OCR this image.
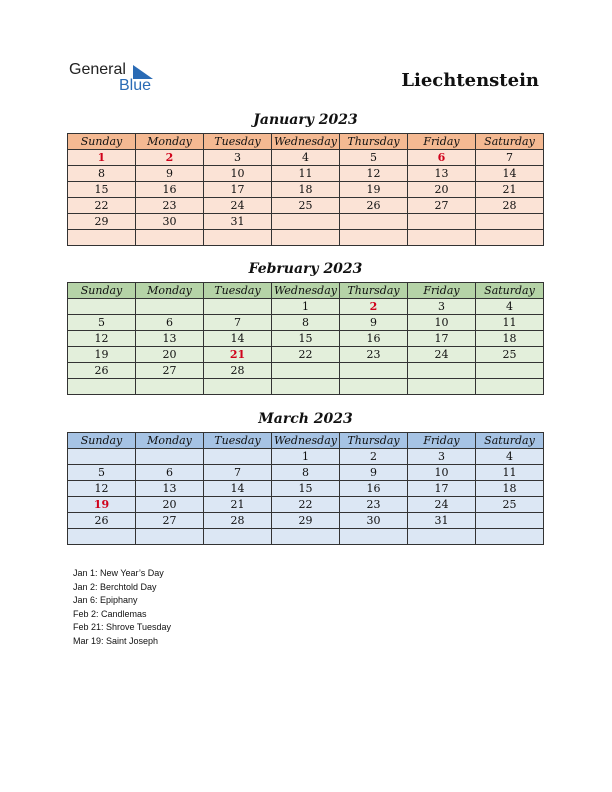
General
Blue	Liechtenstein
January 2023
Sunday	Monday	Tuesday	Wednesday	Thursday	Friday	Saturday
1	2	3	4	5	6	7
8	9	10	11	12	13	14
15	16	17	18	19	20	21
22	23	24	25	26	27	28
29	30	31				

February 2023
Sunday	Monday	Tuesday	Wednesday	Thursday	Friday	Saturday
			1	2	3	4
5	6	7	8	9	10	11
12	13	14	15	16	17	18
19	20	21	22	23	24	25
26	27	28				

March 2023
Sunday	Monday	Tuesday	Wednesday	Thursday	Friday	Saturday
			1	2	3	4
5	6	7	8	9	10	11
12	13	14	15	16	17	18
19	20	21	22	23	24	25
26	27	28	29	30	31	

Jan 1: New Year’s Day
Jan 2: Berchtold Day
Jan 6: Epiphany
Feb 2: Candlemas
Feb 21: Shrove Tuesday
Mar 19: Saint Joseph
